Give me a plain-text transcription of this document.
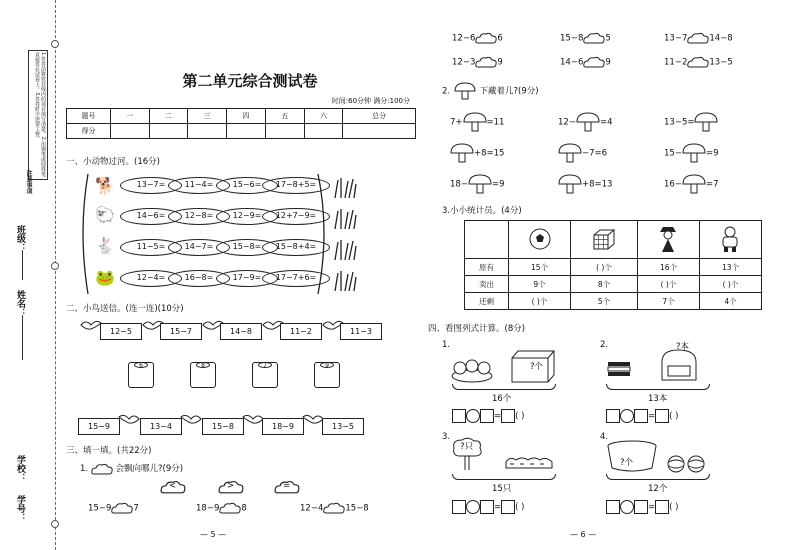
1.答卷前将密封线内的项目填写清楚。2.用钢笔或圆珠笔直接答在试卷上。3.答卷时字迹要工整。
注意事项
班级：
姓名：
学校：
学号：
第二单元综合测试卷
时间:60分钟 满分:100分
题号	一	二	三	四	五	六	总分
得分							
一、小动物过河。(16分)
🐕
🐑
🐇
🐸
13−7=	11−4=	15−6=	17−8+5=
14−6=	12−8=	12−9=	12+7−9=
11−5=	14−7=	15−8=	15−8+4=
12−4=	16−8=	17−9=	17−7+6=
二、小鸟送信。(连一连)(10分)
12−5	15−7	14−8	11−2	11−3
6	8	7	9
15−9	13−4	15−8	18−9	13−5
三、填一填。(共22分)
1.	会飘向哪儿?(9分)
<	>	=
15−9	7	18−9	8	12−4	15−8
— 5 —
12−6	6	15−8	5	13−7	14−8
12−3	9	14−6	9	11−2	13−5
2.	下藏着几?(9分)
7+	=11	12−	=4	13−5=
+8=15	−7=6	15−	=9
18−	=9	+8=13	16−	=7
3.小小统计员。(4分)

原有	15个	( )个	16个	13个
卖出	9个	8个	( )个	( )个
还剩	( )个	5个	7个	4个
四、看图列式计算。(8分)
1.
?个
16个
= ( )
2.	?本
13本
= ( )
3.
?只
15只
= ( )
4.
?个
12个
= ( )
— 6 —
